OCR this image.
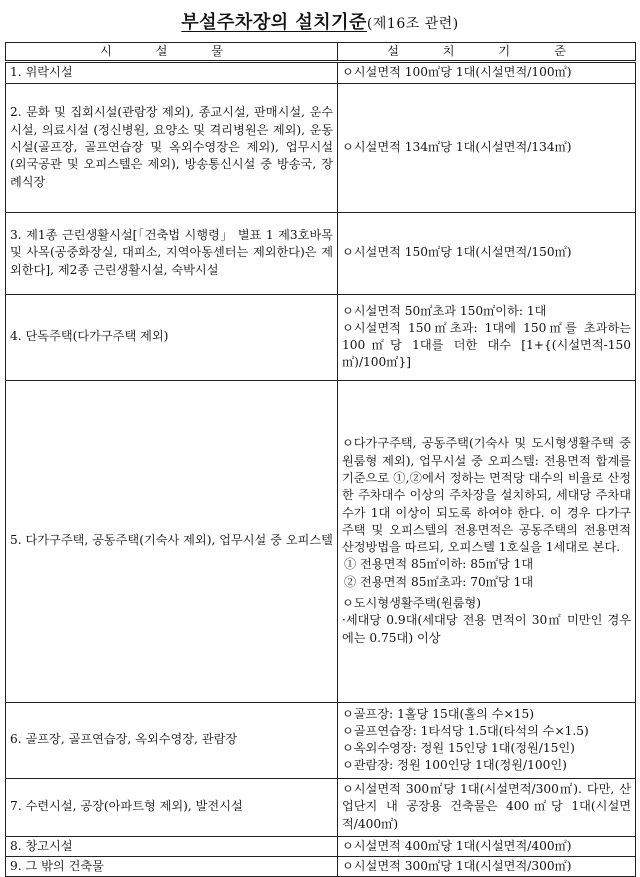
부설주차장의 설치기준(제16조 관련)
시 설 물	설 치 기 준
1. 위락시설	ㅇ시설면적 100㎡당 1대(시설면적/100㎡)

2. 문화 및 집회시설(관람장 제외), 종교시설, 판매시설, 운수시설, 의료시설 (정신병원, 요양소 및 격리병원은 제외), 운동시설(골프장, 골프연습장 및 옥외수영장은 제외), 업무시설(외국공관 및 오피스텔은 제외), 방송통신시설 중 방송국, 장례식장	ㅇ시설면적 134㎡당 1대(시설면적/134㎡)

3. 제1종 근린생활시설[「건축법 시행령」 별표 1 제3호바목 및 사목(공중화장실, 대피소, 지역아동센터는 제외한다)은 제외한다], 제2종 근린생활시설, 숙박시설	ㅇ시설면적 150㎡당 1대(시설면적/150㎡)

4. 단독주택(다가구주택 제외)	ㅇ시설면적 50㎡초과 150㎡이하: 1대
ㅇ시설면적 150㎡초과: 1대에 150㎡를 초과하는 100㎡당 1대를 더한 대수 [1+{(시설면적-150㎡)/100㎡}]

5. 다가구주택, 공동주택(기숙사 제외), 업무시설 중 오피스텔	ㅇ다가구주택, 공동주택(기숙사 및 도시형생활주택 중 원룸형 제외), 업무시설 중 오피스텔: 전용면적 합계를 기준으로 ①,②에서 정하는 면적당 대수의 비율로 산정한 주차대수 이상의 주차장을 설치하되, 세대당 주차대수가 1대 이상이 되도록 하여야 한다. 이 경우 다가구주택 및 오피스텔의 전용면적은 공동주택의 전용면적 산정방법을 따르되, 오피스텔 1호실을 1세대로 본다.
① 전용면적 85㎡이하: 85㎡당 1대
② 전용면적 85㎡초과: 70㎡당 1대
ㅇ도시형생활주택(원룸형)
·세대당 0.9대(세대당 전용 면적이 30㎡ 미만인 경우에는 0.75대) 이상

6. 골프장, 골프연습장, 옥외수영장, 관람장	ㅇ골프장: 1홀당 15대(홀의 수×15)
ㅇ골프연습장: 1타석당 1.5대(타석의 수×1.5)
ㅇ옥외수영장: 정원 15인당 1대(정원/15인)
ㅇ관람장: 정원 100인당 1대(정원/100인)

7. 수련시설, 공장(아파트형 제외), 발전시설	ㅇ시설면적 300㎡당 1대(시설면적/300㎡). 다만, 산업단지 내 공장용 건축물은 400㎡당 1대(시설면적/400㎡)

8. 창고시설	ㅇ시설면적 400㎡당 1대(시설면적/400㎡)

9. 그 밖의 건축물	ㅇ시설면적 300㎡당 1대(시설면적/300㎡)
